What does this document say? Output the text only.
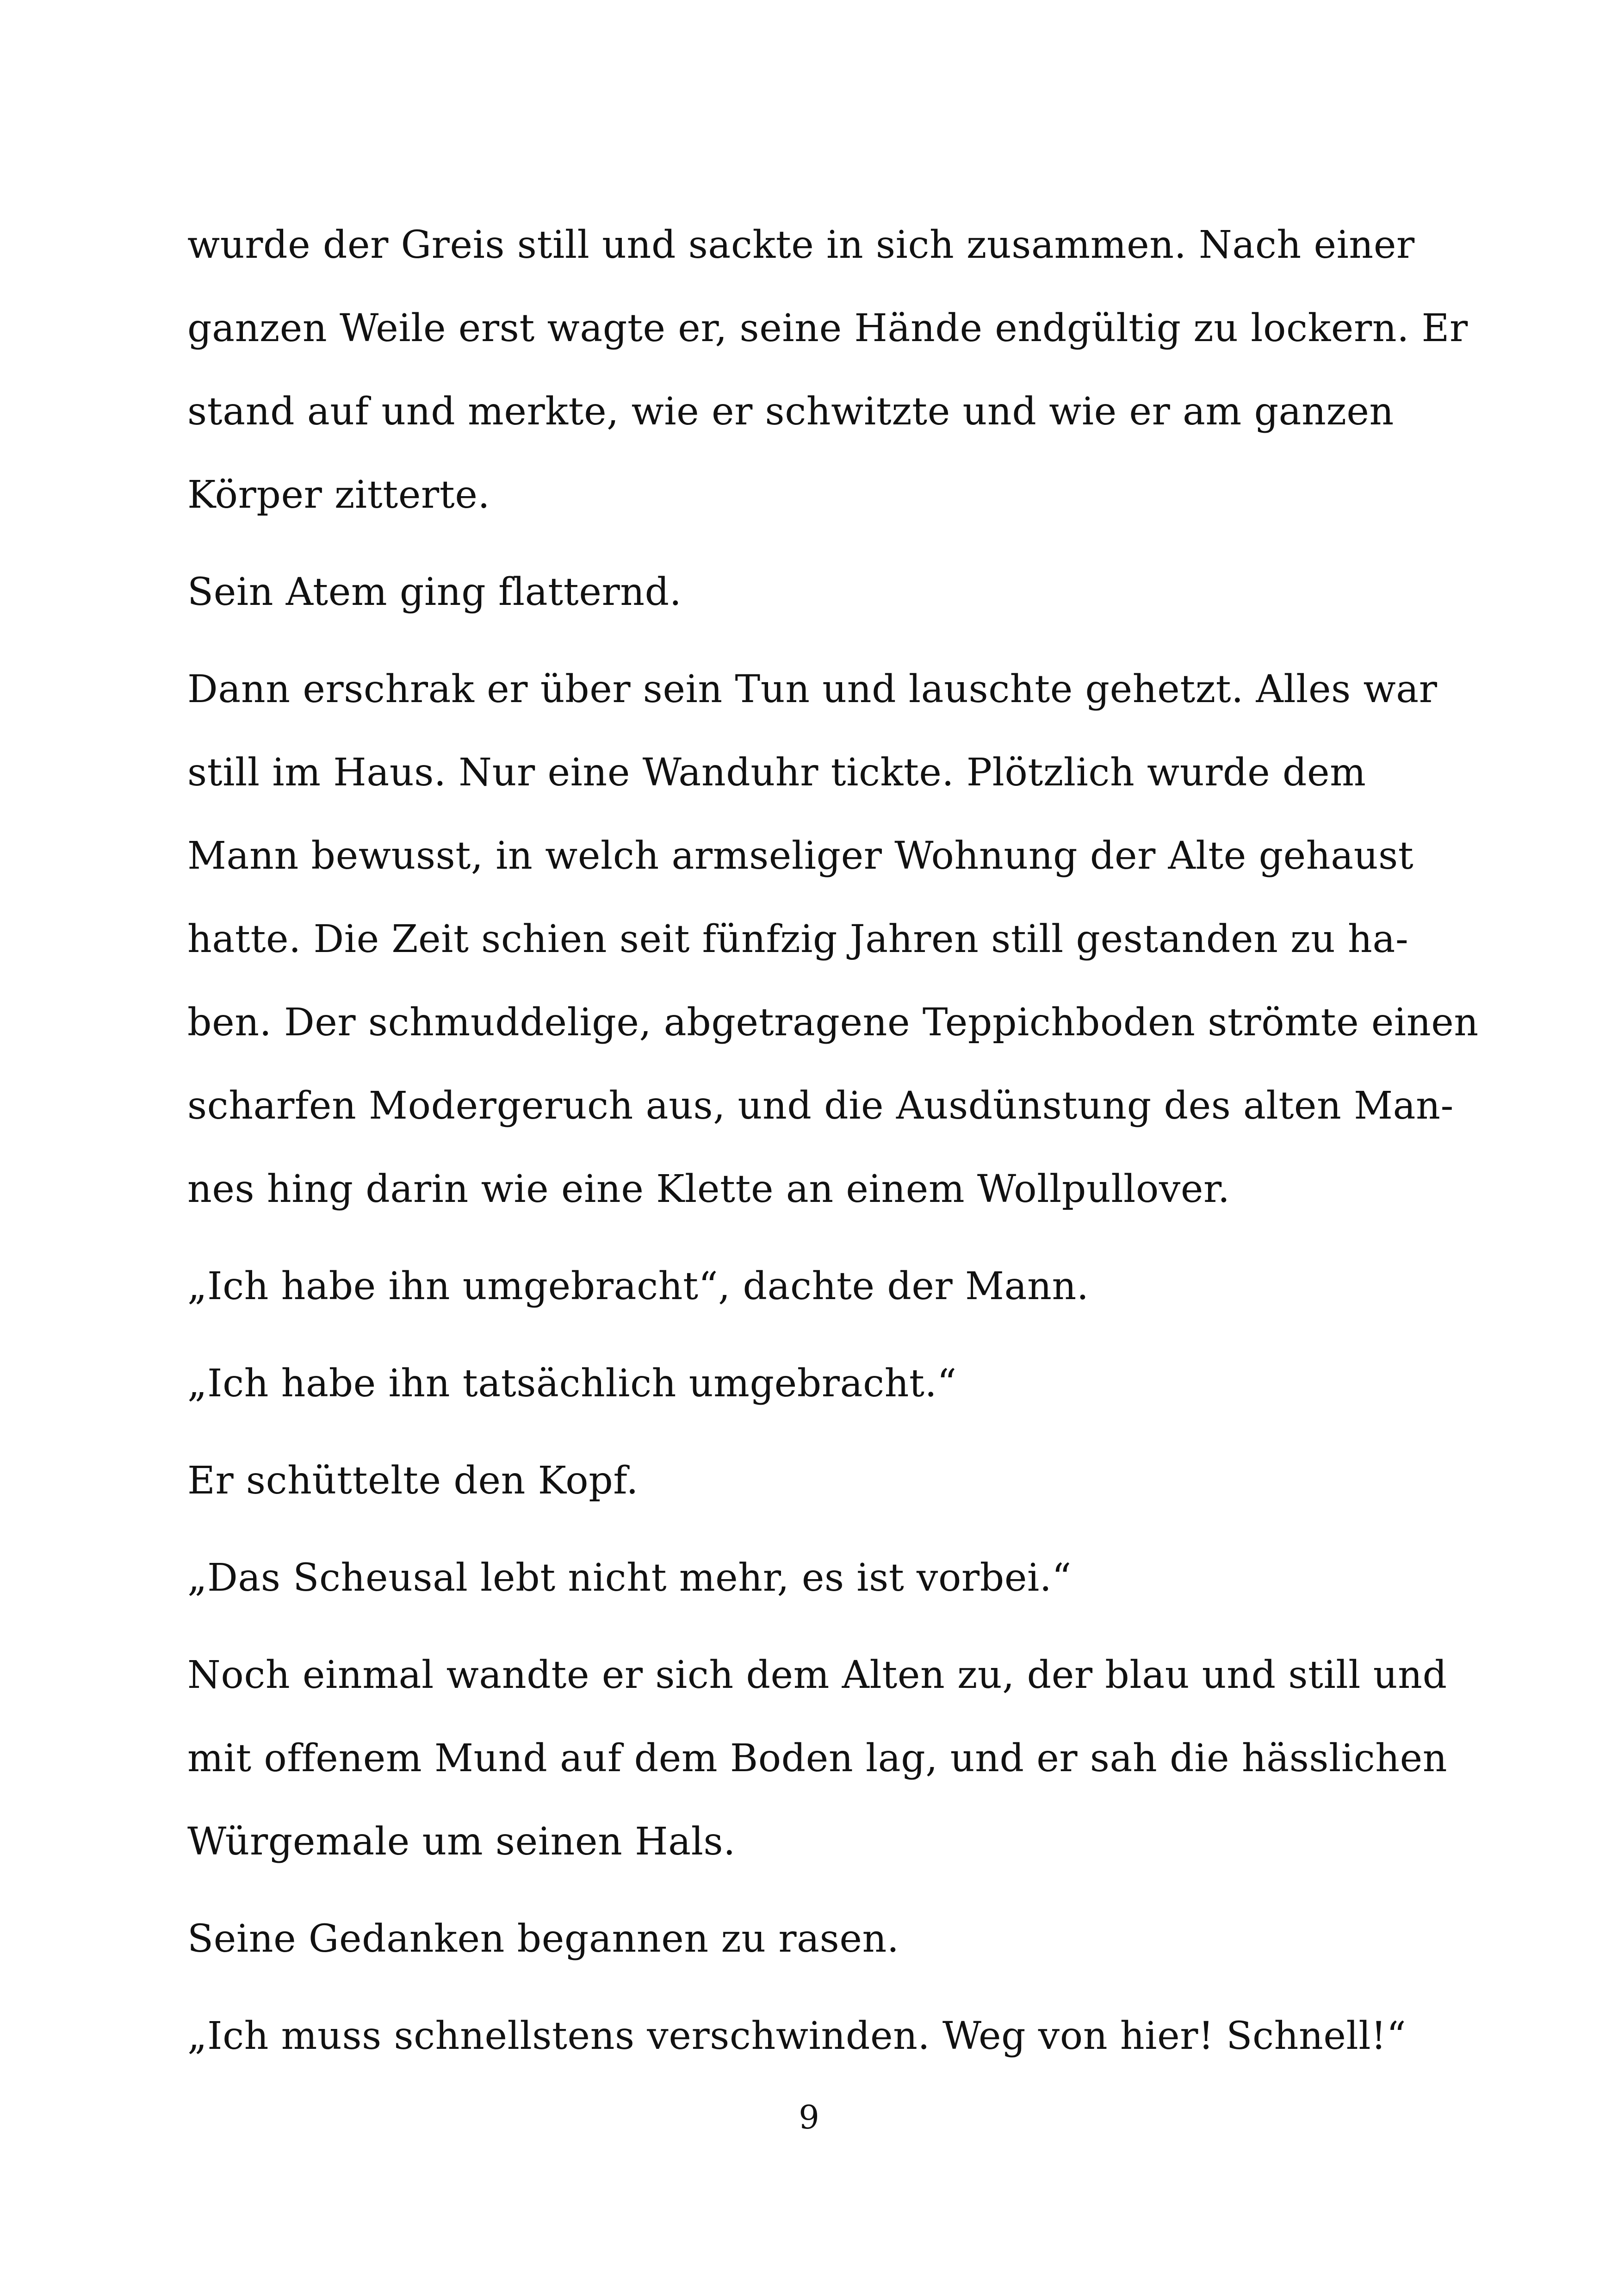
wurde der Greis still und sackte in sich zusammen. Nach einer
ganzen Weile erst wagte er, seine Hände endgültig zu lockern. Er
stand auf und merkte, wie er schwitzte und wie er am ganzen
Körper zitterte.

Sein Atem ging flatternd.

Dann erschrak er über sein Tun und lauschte gehetzt. Alles war
still im Haus. Nur eine Wanduhr tickte. Plötzlich wurde dem
Mann bewusst, in welch armseliger Wohnung der Alte gehaust
hatte. Die Zeit schien seit fünfzig Jahren still gestanden zu ha-
ben. Der schmuddelige, abgetragene Teppichboden strömte einen
scharfen Modergeruch aus, und die Ausdünstung des alten Man-
nes hing darin wie eine Klette an einem Wollpullover.

„Ich habe ihn umgebracht“, dachte der Mann.

„Ich habe ihn tatsächlich umgebracht.“

Er schüttelte den Kopf.

„Das Scheusal lebt nicht mehr, es ist vorbei.“

Noch einmal wandte er sich dem Alten zu, der blau und still und
mit offenem Mund auf dem Boden lag, und er sah die hässlichen
Würgemale um seinen Hals.

Seine Gedanken begannen zu rasen.

„Ich muss schnellstens verschwinden. Weg von hier! Schnell!“

9
